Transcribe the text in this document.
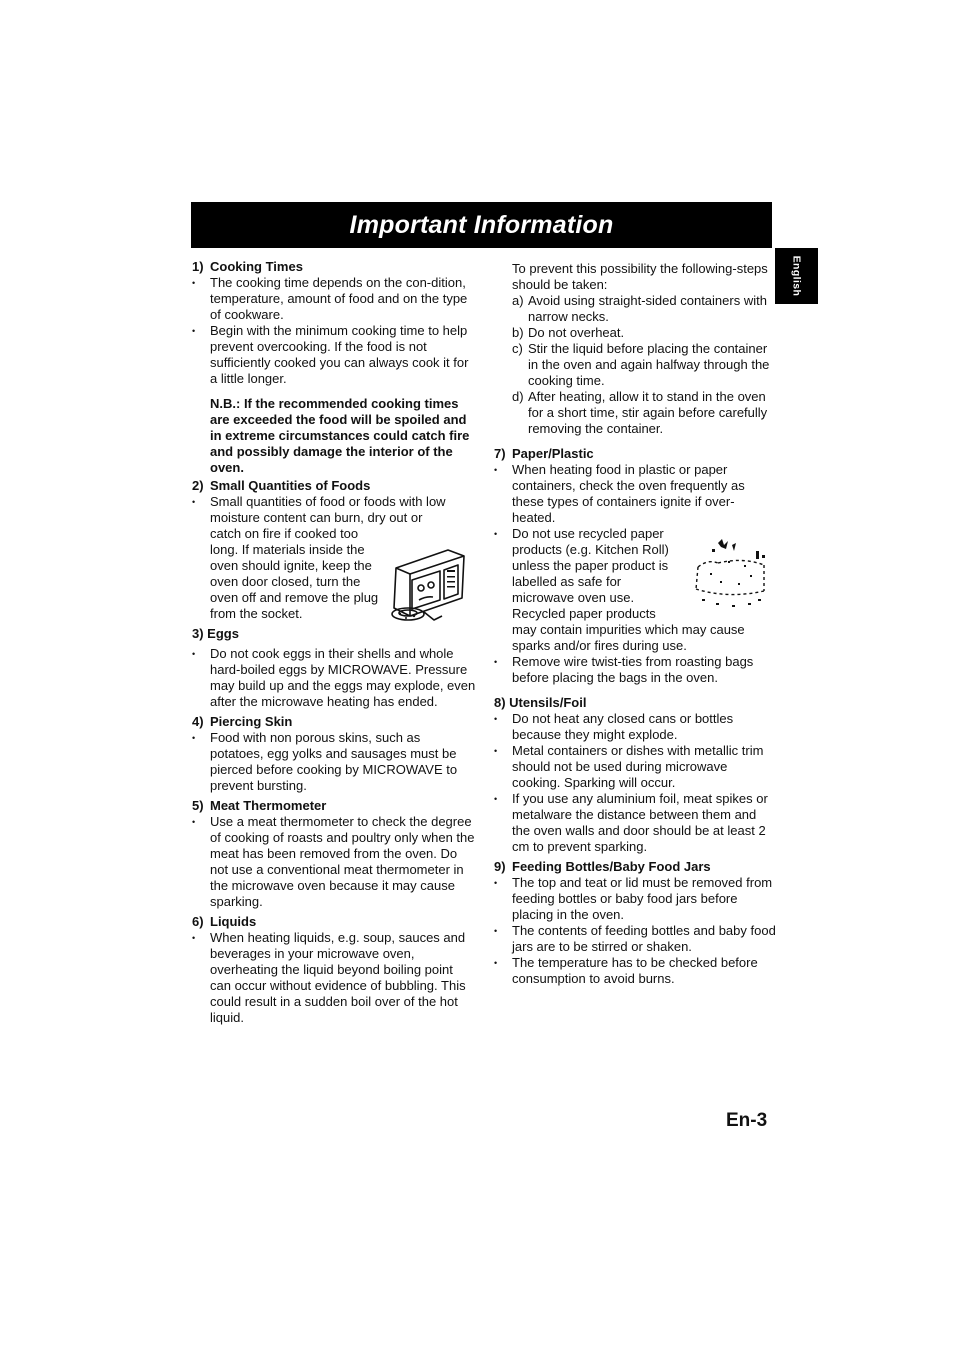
Important Information
English

1) Cooking Times

• The cooking time depends on the con-dition, temperature, amount of food and on the type of cookware.

• Begin with the minimum cooking time to help prevent overcooking. If the food is not sufficiently cooked you can always cook it for a little longer.

N.B.: If the recommended cooking times are exceeded the food will be spoiled and in extreme circumstances could catch fire and possibly damage the interior of the oven.

2) Small Quantities of Foods

• Small quantities of food or foods with low moisture content can burn, dry out or

catch on fire if cooked too long. If materials inside the oven should ignite, keep the oven door closed, turn the oven off and remove the plug from the socket.

3) Eggs

• Do not cook eggs in their shells and whole hard-boiled eggs by MICROWAVE. Pressure may build up and the eggs may explode, even after the microwave heating has ended.

4) Piercing Skin

• Food with non porous skins, such as potatoes, egg yolks and sausages must be pierced before cooking by MICROWAVE to prevent bursting.

5) Meat Thermometer

• Use a meat thermometer to check the degree of cooking of roasts and poultry only when the meat has been removed from the oven. Do not use a conventional meat thermometer in the microwave oven because it may cause sparking.

6) Liquids

• When heating liquids, e.g. soup, sauces and beverages in your microwave oven, overheating the liquid beyond boiling point can occur without evidence of bubbling. This could result in a sudden boil over of the hot liquid.

To prevent this possibility the following-steps should be taken:

a) Avoid using straight-sided containers with narrow necks.

b) Do not overheat.

c) Stir the liquid before placing the container in the oven and again halfway through the cooking time.

d) After heating, allow it to stand in the oven for a short time, stir again before carefully removing the container.

7) Paper/Plastic

• When heating food in plastic or paper containers, check the oven frequently as these types of containers ignite if over-heated.

• Do not use recycled paper products (e.g. Kitchen Roll) unless the paper product is labelled as safe for microwave oven use. Recycled paper products

may contain impurities which may cause sparks and/or fires during use.

• Remove wire twist-ties from roasting bags before placing the bags in the oven.

8) Utensils/Foil

• Do not heat any closed cans or bottles because they might explode.

• Metal containers or dishes with metallic trim should not be used during microwave cooking. Sparking will occur.

• If you use any aluminium foil, meat spikes or metalware the distance between them and the oven walls and door should be at least 2 cm to prevent sparking.

9) Feeding Bottles/Baby Food Jars

• The top and teat or lid must be removed from feeding bottles or baby food jars before placing in the oven.

• The contents of feeding bottles and baby food jars are to be stirred or shaken.

• The temperature has to be checked before consumption to avoid burns.

En-3
